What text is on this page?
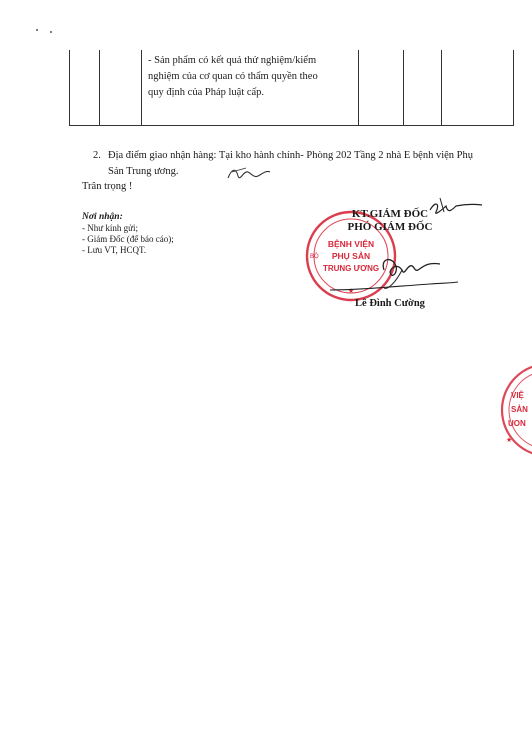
- Sản phẩm có kết quả thử nghiệm/kiểm
nghiệm của cơ quan có thẩm quyền theo
quy định của Pháp luật cấp.
2. Địa điểm giao nhận hàng: Tại kho hành chính- Phòng 202 Tầng 2 nhà E bệnh viện Phụ Sản Trung ương.
Trân trọng !
Nơi nhận:
- Như kính gửi;
- Giám Đốc (để báo cáo);
- Lưu VT, HCQT.
BỘ
BỆNH VIỆN
PHỤ SẢN
TRUNG ƯƠNG
★
KT.GIÁM ĐỐC
PHÓ GIÁM ĐỐC
Lê Đình Cường
VIỆ
SẢN
UON
★
